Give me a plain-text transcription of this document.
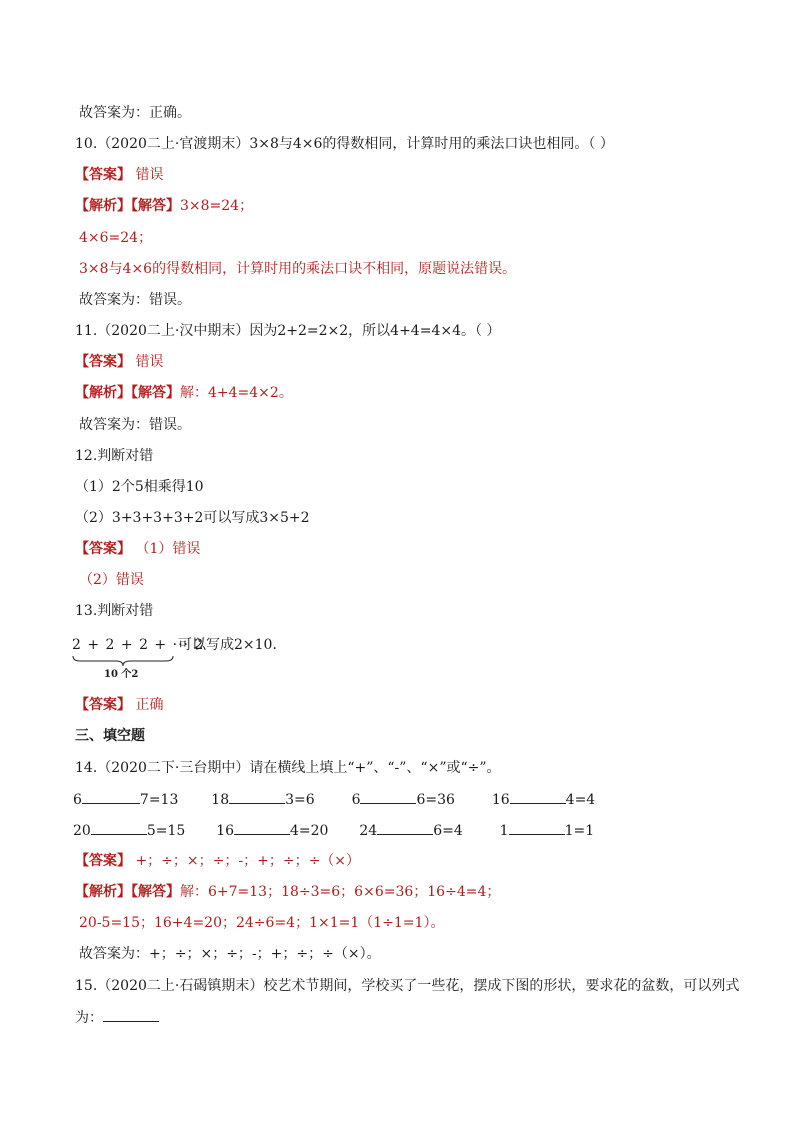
故答案为：正确。
10.（2020二上·官渡期末）3×8与4×6的得数相同，计算时用的乘法口诀也相同。（ ）
【答案】 错误
【解析】【解答】3×8=24；
4×6=24；
3×8与4×6的得数相同，计算时用的乘法口诀不相同，原题说法错误。
故答案为：错误。
11.（2020二上·汉中期末）因为2+2=2×2，所以4+4=4×4。（ ）
【答案】 错误
【解析】【解答】解：4+4=4×2。
故答案为：错误。
12.判断对错
（1）2个5相乘得10
（2）3+3+3+3+2可以写成3×5+2
【答案】 （1）错误
（2）错误
13.判断对错
2 + 2 + 2 + ··· 2
10 个2
可以写成2×10．
【答案】 正确
三、填空题
14.（2020二下·三台期中）请在横线上填上“+”、“-”、“×”或“÷”。
6	7=13 18	3=6	6	6=36	16	4=4
20	5=15 16	4=20 24	6=4	1	1=1
【答案】 +；÷；×；÷；-；+；÷；÷（×）
【解析】【解答】解：6+7=13；18÷3=6；6×6=36；16÷4=4；
20-5=15；16+4=20；24÷6=4；1×1=1（1÷1=1）。
故答案为：+；÷；×；÷；-；+；÷；÷（×）。
15.（2020二上·石碣镇期末）校艺术节期间，学校买了一些花，摆成下图的形状，要求花的盆数，可以列式
为：
